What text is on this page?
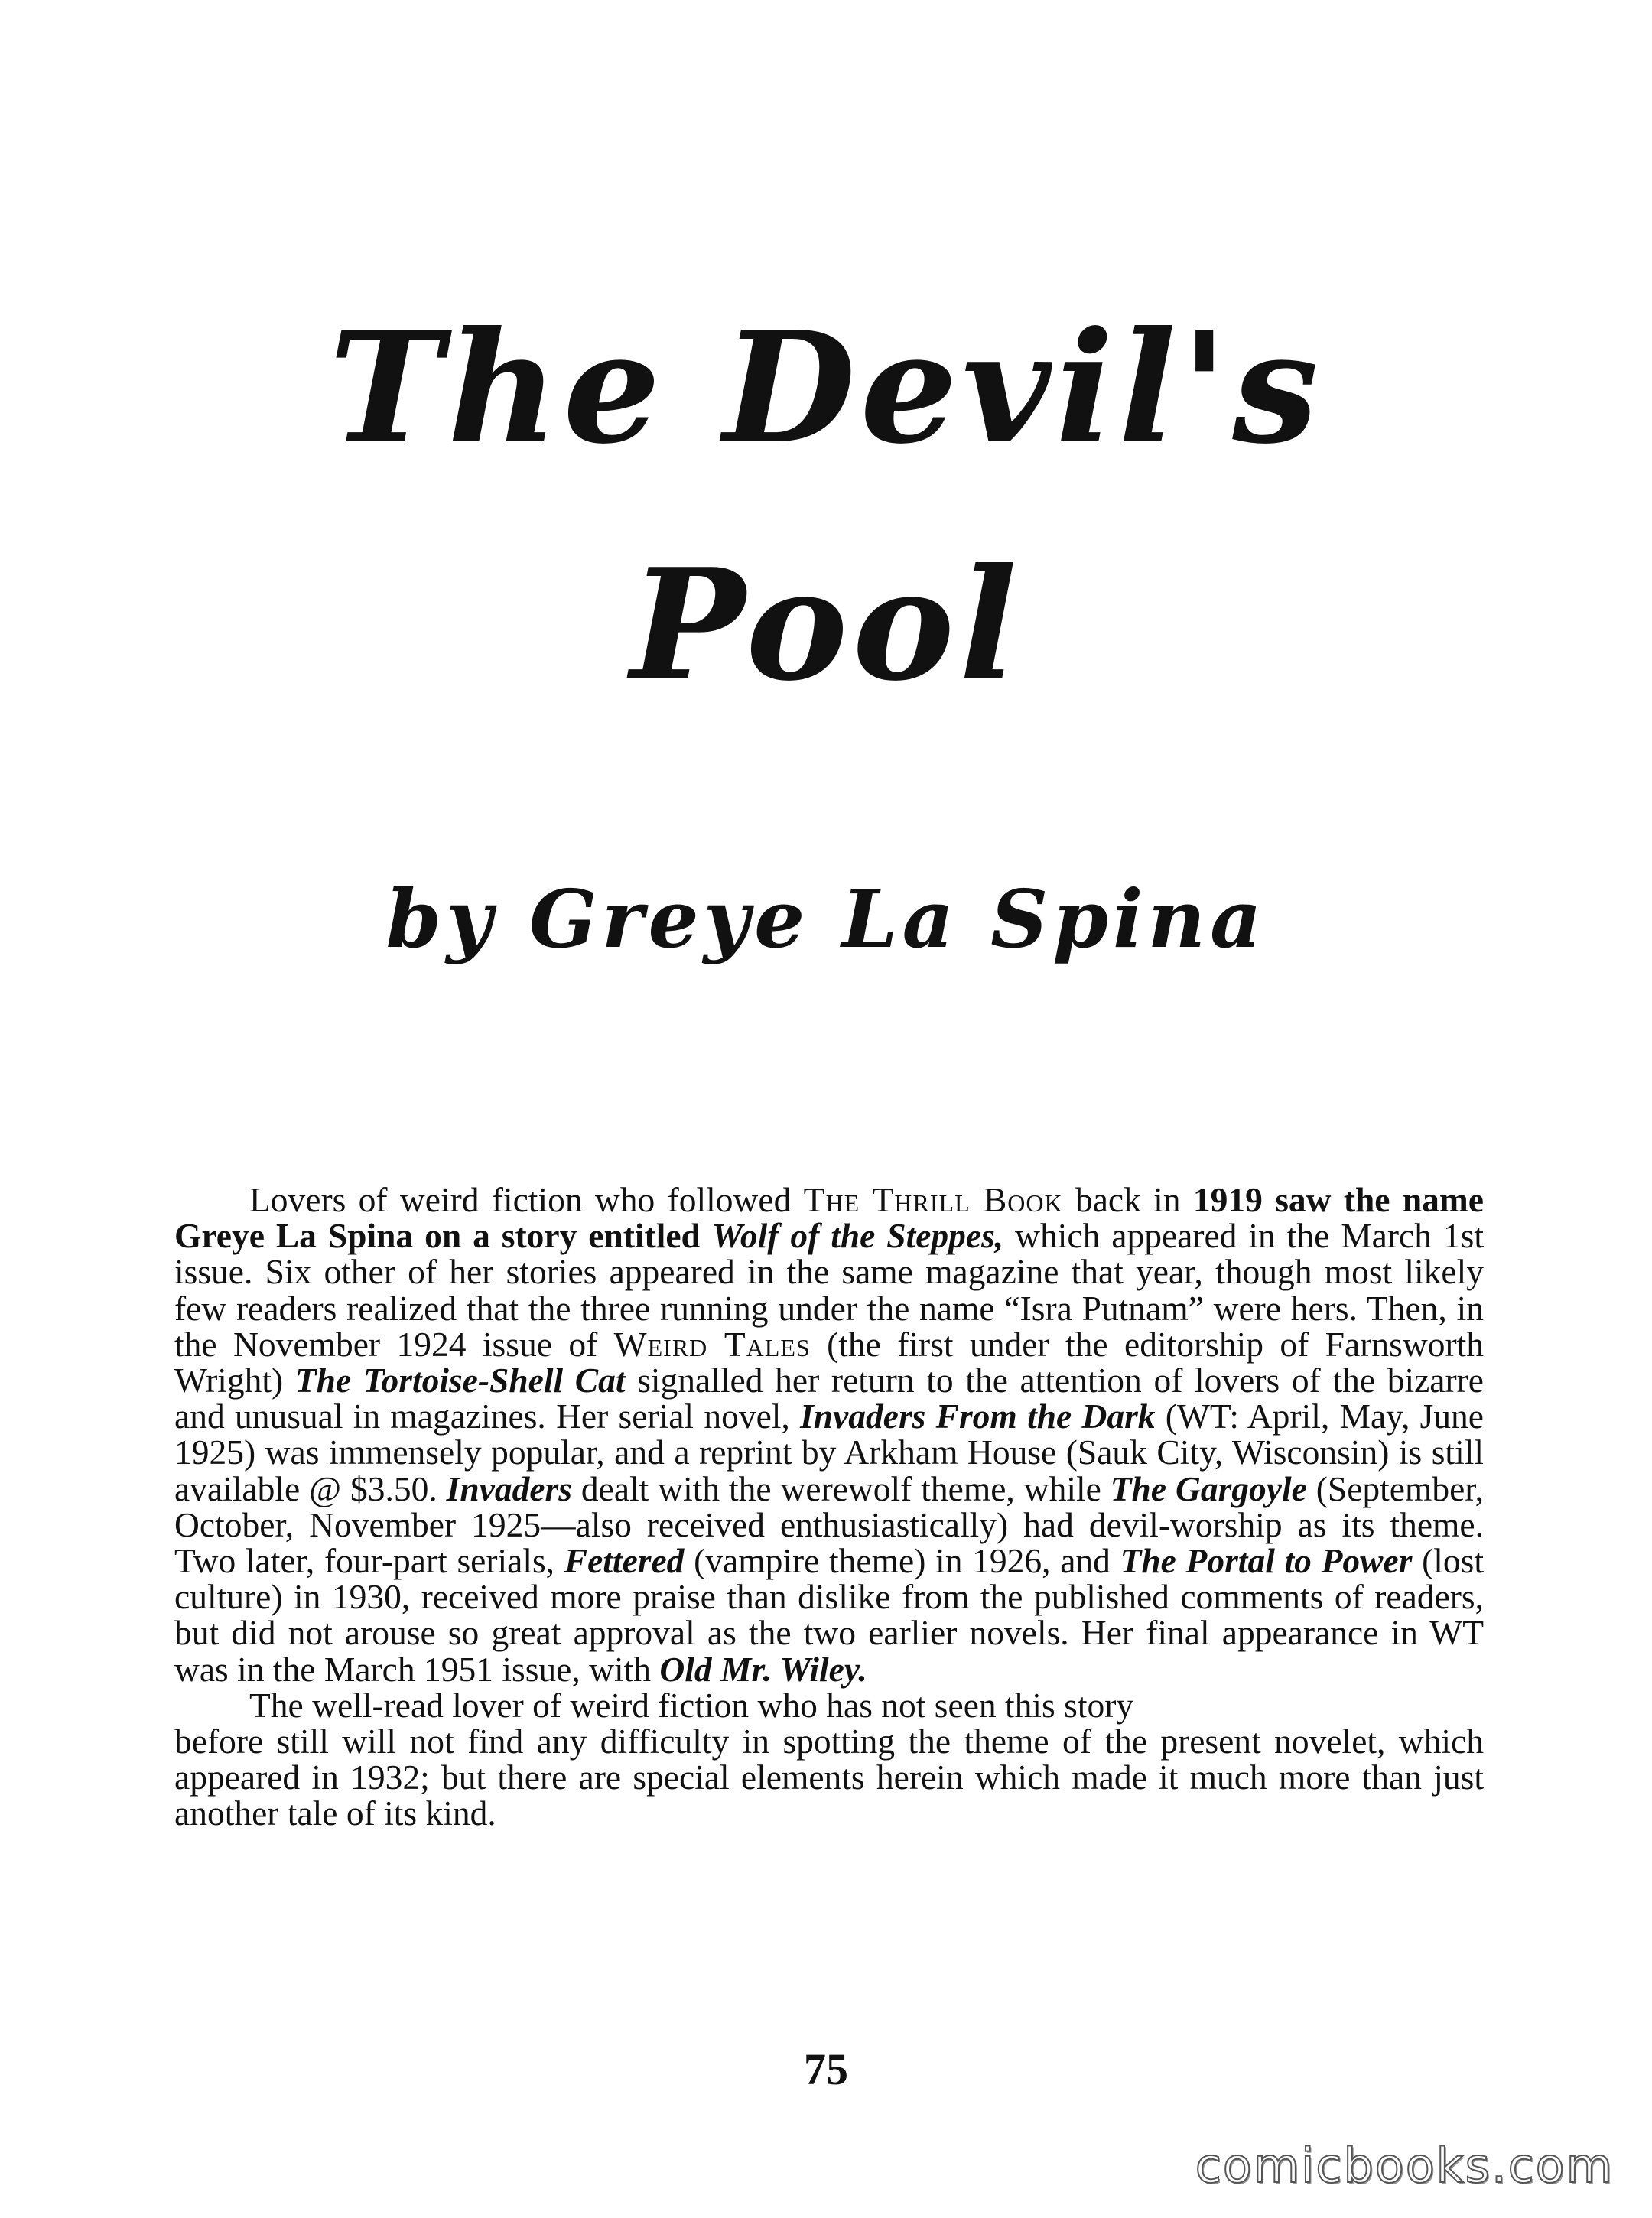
The Devil's
Pool
by Greye La Spina

Lovers of weird fiction who followed The Thrill Book back in 1919 saw the name Greye La Spina on a story entitled Wolf of the Steppes, which appeared in the March 1st issue. Six other of her stories appeared in the same magazine that year, though most likely few readers realized that the three running under the name “Isra Putnam” were hers. Then, in the November 1924 issue of Weird Tales (the first under the editorship of Farnsworth Wright) The Tortoise-Shell Cat signalled her return to the attention of lovers of the bizarre and unusual in magazines. Her serial novel, Invaders From the Dark (WT: April, May, June 1925) was immensely popular, and a reprint by Arkham House (Sauk City, Wisconsin) is still available @ $3.50. Invaders dealt with the werewolf theme, while The Gargoyle (September, October, November 1925—also received enthusiastically) had devil-worship as its theme. Two later, four-part serials, Fettered (vampire theme) in 1926, and The Portal to Power (lost culture) in 1930, received more praise than dislike from the published comments of readers, but did not arouse so great approval as the two earlier novels. Her final appearance in WT was in the March 1951 issue, with Old Mr. Wiley.

The well-read lover of weird fiction who has not seen this story
before still will not find any difficulty in spotting the theme of the present novelet, which appeared in 1932; but there are special elements herein which made it much more than just another tale of its kind.

75
comicbooks.com
